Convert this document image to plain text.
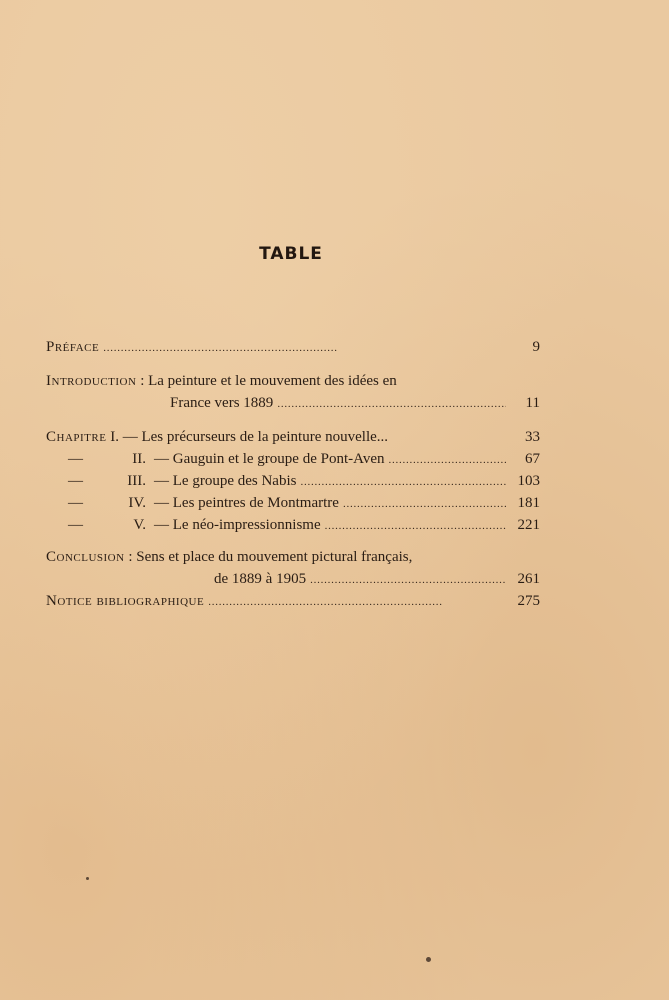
TABLE
Préface . . .	9
Introduction : La peinture et le mouvement des idées en
France vers 1889 . . .	11
Chapitre I. — Les précurseurs de la peinture nouvelle...	33
—	II. — Gauguin et le groupe de Pont-Aven . . .	67
—	III. — Le groupe des Nabis . . .	103
—	IV. — Les peintres de Montmartre . . .	181
—	V. — Le néo-impressionnisme . . .	221
Conclusion : Sens et place du mouvement pictural français,
de 1889 à 1905 . . .	261
Notice bibliographique . . .	275
